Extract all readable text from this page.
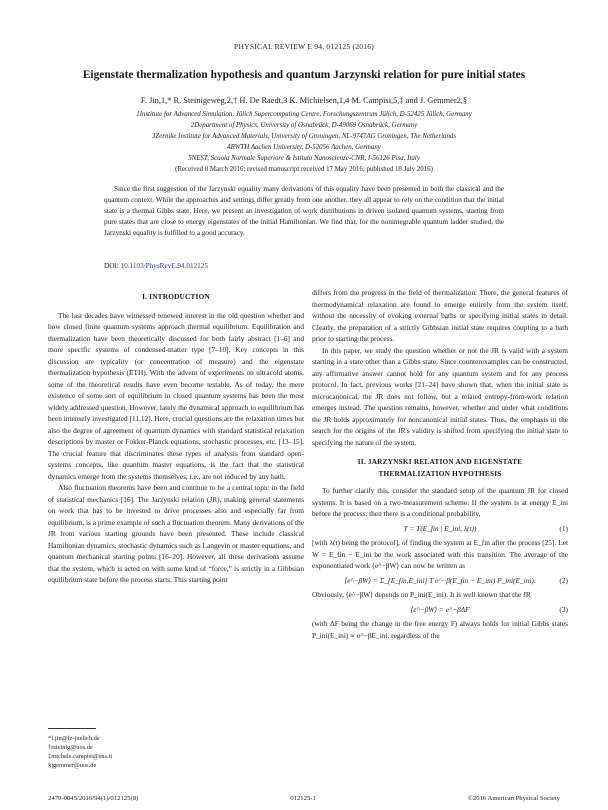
PHYSICAL REVIEW E 94, 012125 (2016)
Eigenstate thermalization hypothesis and quantum Jarzynski relation for pure initial states
F. Jin,1,* R. Steinigeweg,2,† H. De Raedt,3 K. Michielsen,1,4 M. Campisi,5,‡ and J. Gemmer2,§
1Institute for Advanced Simulation, Jülich Supercomputing Centre, Forschungszentrum Jülich, D-52425 Jülich, Germany
2Department of Physics, University of Osnabrück, D-49069 Osnabrück, Germany
3Zernike Institute for Advanced Materials, University of Groningen, NL-9747AG Groningen, The Netherlands
4RWTH Aachen University, D-52056 Aachen, Germany
5NEST, Scuola Normale Superiore & Istituto Nanoscienze-CNR, I-56126 Pisa, Italy
(Received 8 March 2016; revised manuscript received 17 May 2016; published 18 July 2016)

Since the first suggestion of the Jarzynski equality many derivations of this equality have been presented in both the classical and the quantum context. While the approaches and settings differ greatly from one another, they all appear to rely on the condition that the initial state is a thermal Gibbs state. Here, we present an investigation of work distributions in driven isolated quantum systems, starting from pure states that are close to energy eigenstates of the initial Hamiltonian. We find that, for the nonintegrable quantum ladder studied, the Jarzynski equality is fulfilled to a good accuracy.

DOI: 10.1103/PhysRevE.94.012125
I. INTRODUCTION

The last decades have witnessed renewed interest in the old question whether and how closed finite quantum systems approach thermal equilibrium. Equilibration and thermalization have been theoretically discussed for both fairly abstract [1–6] and more specific systems of condensed-matter type [7–10]. Key concepts in this discussion are typicality (or concentration of measure) and the eigenstate thermalization hypothesis (ETH). With the advent of experiments on ultracold atoms, some of the theoretical results have even become testable. As of today, the mere existence of some sort of equilibrium in closed quantum systems has been the most widely addressed question. However, lately the dynamical approach to equilibrium has been intensely investigated [11,12]. Here, crucial questions are the relaxation times but also the degree of agreement of quantum dynamics with standard statistical relaxation descriptions by master or Fokker-Planck equations, stochastic processes, etc. [13–15]. The crucial feature that discriminates these types of analysis from standard open-systems concepts, like quantum master equations, is the fact that the statistical dynamics emerge from the systems themselves, i.e., are not induced by any bath.

Also fluctuation theorems have been and continue to be a central topic in the field of statistical mechanics [16]. The Jarzynski relation (JR), making general statements on work that has to be invested to drive processes also and especially far from equilibrium, is a prime example of such a fluctuation theorem. Many derivations of the JR from various starting grounds have been presented. These include classical Hamiltonian dynamics, stochastic dynamics such as Langevin or master equations, and quantum mechanical starting points [16–20]. However, all these derivations assume that the system, which is acted on with some kind of “force,” is strictly in a Gibbsian equilibrium state before the process starts. This starting point

differs from the progress in the field of thermalization: There, the general features of thermodynamical relaxation are found to emerge entirely from the system itself, without the necessity of evoking external baths or specifying initial states in detail. Clearly, the preparation of a strictly Gibbsian initial state requires coupling to a bath prior to starting the process.

In this paper, we study the question whether or not the JR is valid with a system starting in a state other than a Gibbs state. Since counterexamples can be constructed, any affirmative answer cannot hold for any quantum system and for any process protocol. In fact, previous works [21–24] have shown that, when the initial state is microcanonical, the JR does not follow, but a related entropy-from-work relation emerges instead. The question remains, however, whether and under what conditions the JR holds approximately for noncanonical initial states. Thus, the emphasis in the search for the origins of the JR's validity is shifted from specifying the initial state to specifying the nature of the system.

II. JARZYNSKI RELATION AND EIGENSTATE
THERMALIZATION HYPOTHESIS

To further clarify this, consider the standard setup of the quantum JR for closed systems. It is based on a two-measurement scheme: If the system is at energy E_ini before the process, then there is a conditional probability,

T = T(E_fin | E_ini, λ(t))	(1)

[with λ(t) being the protocol], of finding the system at E_fin after the process [25]. Let W = E_fin − E_ini be the work associated with this transition. The average of the exponentiated work ⟨e^−βW⟩ can now be written as

⟨e^−βW⟩ = Σ_{E_fin,E_ini} T e^−β(E_fin − E_ini) P_ini(E_ini).	(2)

Obviously, ⟨e^−βW⟩ depends on P_ini(E_ini). It is well known that the JR

⟨e^−βW⟩ = e^−βΔF	(3)

(with ΔF being the change in the free energy F) always holds for initial Gibbs states P_ini(E_ini) ∝ e^−βE_ini, regardless of the

*f.jin@fz-juelich.de
†rsteinig@uos.de
‡michele.campisi@sns.it
§jgemmer@uos.de
2470-0045/2016/94(1)/012125(8)	012125-1	©2016 American Physical Society
